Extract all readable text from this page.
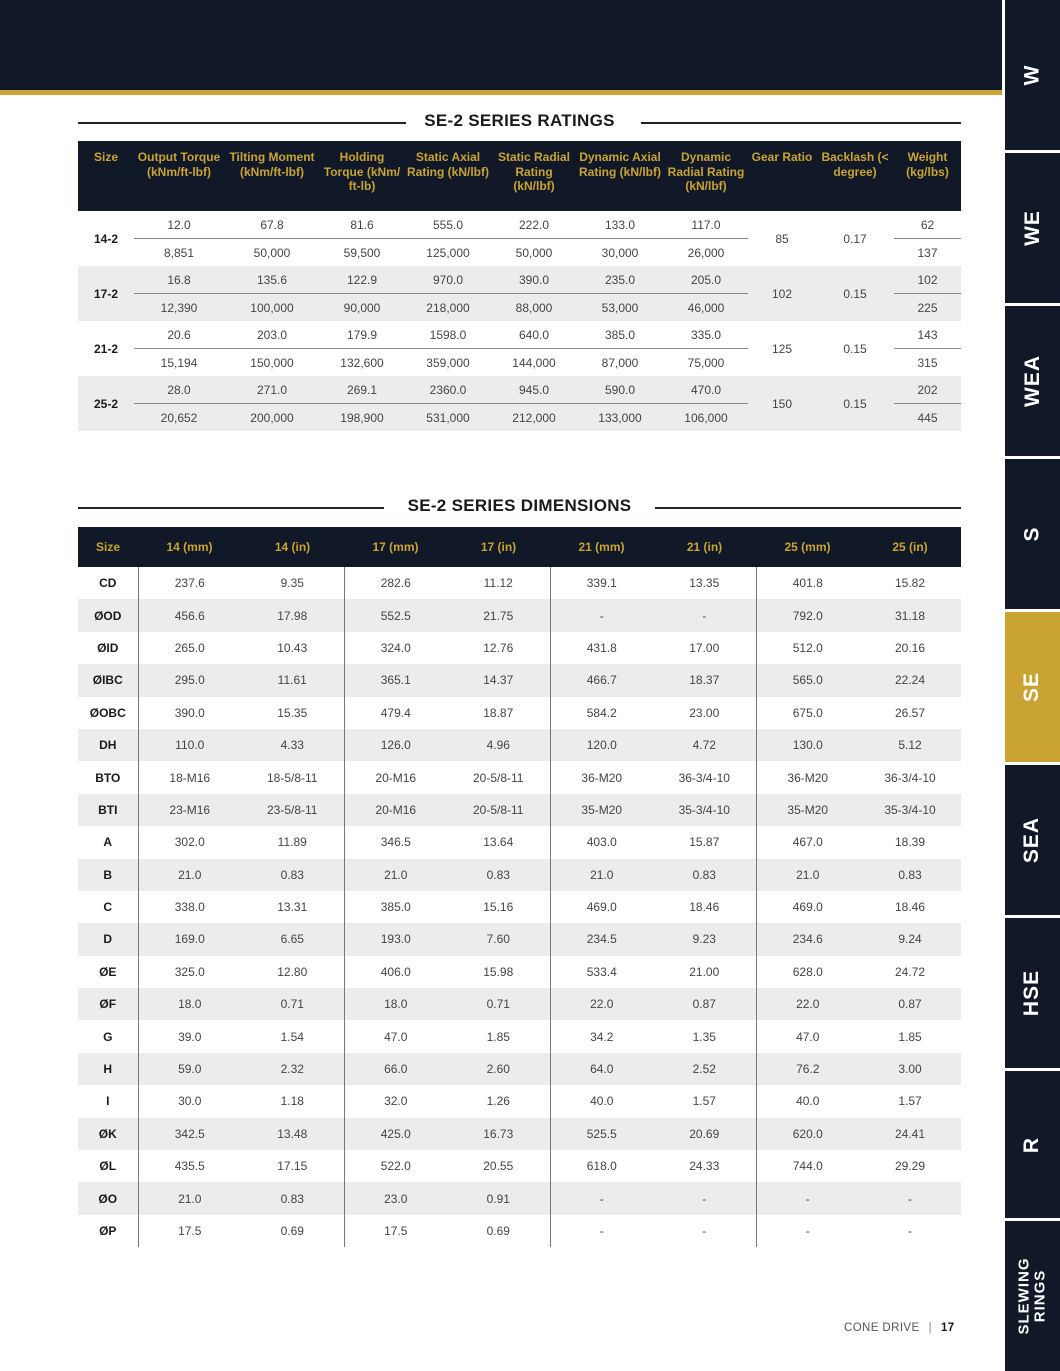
W
WE
WEA
S
SE
SEA
HSE
R
SLEWING RINGS
SE-2 SERIES RATINGS
Size	Output Torque (kNm/ft-lbf)	Tilting Moment (kNm/ft-lbf)	Holding Torque (kNm/ ft-lb)	Static Axial Rating (kN/lbf)	Static Radial Rating (kN/lbf)	Dynamic Axial Rating (kN/lbf)	Dynamic Radial Rating (kN/lbf)	Gear Ratio	Backlash (< degree)	Weight (kg/lbs)
14-2	12.0	67.8	81.6	555.0	222.0	133.0	117.0	85	0.17	62
	8,851	50,000	59,500	125,000	50,000	30,000	26,000			137
17-2	16.8	135.6	122.9	970.0	390.0	235.0	205.0	102	0.15	102
	12,390	100,000	90,000	218,000	88,000	53,000	46,000			225
21-2	20.6	203.0	179.9	1598.0	640.0	385.0	335.0	125	0.15	143
	15,194	150,000	132,600	359,000	144,000	87,000	75,000			315
25-2	28.0	271.0	269.1	2360.0	945.0	590.0	470.0	150	0.15	202
	20,652	200,000	198,900	531,000	212,000	133,000	106,000			445
SE-2 SERIES DIMENSIONS
Size	14 (mm)	14 (in)	17 (mm)	17 (in)	21 (mm)	21 (in)	25 (mm)	25 (in)
CD	237.6	9.35	282.6	11.12	339.1	13.35	401.8	15.82
ØOD	456.6	17.98	552.5	21.75	-	-	792.0	31.18
ØID	265.0	10.43	324.0	12.76	431.8	17.00	512.0	20.16
ØIBC	295.0	11.61	365.1	14.37	466.7	18.37	565.0	22.24
ØOBC	390.0	15.35	479.4	18.87	584.2	23.00	675.0	26.57
DH	110.0	4.33	126.0	4.96	120.0	4.72	130.0	5.12
BTO	18-M16	18-5/8-11	20-M16	20-5/8-11	36-M20	36-3/4-10	36-M20	36-3/4-10
BTI	23-M16	23-5/8-11	20-M16	20-5/8-11	35-M20	35-3/4-10	35-M20	35-3/4-10
A	302.0	11.89	346.5	13.64	403.0	15.87	467.0	18.39
B	21.0	0.83	21.0	0.83	21.0	0.83	21.0	0.83
C	338.0	13.31	385.0	15.16	469.0	18.46	469.0	18.46
D	169.0	6.65	193.0	7.60	234.5	9.23	234.6	9.24
ØE	325.0	12.80	406.0	15.98	533.4	21.00	628.0	24.72
ØF	18.0	0.71	18.0	0.71	22.0	0.87	22.0	0.87
G	39.0	1.54	47.0	1.85	34.2	1.35	47.0	1.85
H	59.0	2.32	66.0	2.60	64.0	2.52	76.2	3.00
I	30.0	1.18	32.0	1.26	40.0	1.57	40.0	1.57
ØK	342.5	13.48	425.0	16.73	525.5	20.69	620.0	24.41
ØL	435.5	17.15	522.0	20.55	618.0	24.33	744.0	29.29
ØO	21.0	0.83	23.0	0.91	-	-	-	-
ØP	17.5	0.69	17.5	0.69	-	-	-	-
CONE DRIVE | 17
